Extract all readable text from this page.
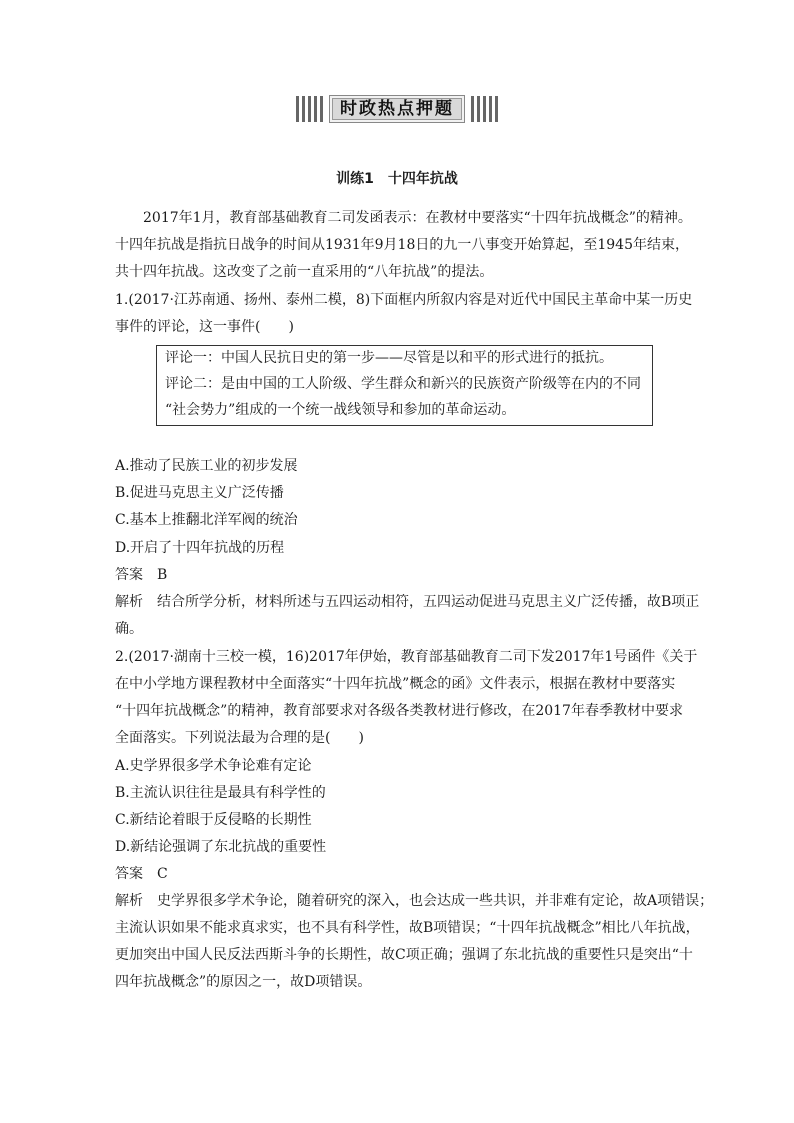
时政热点押题
训练1　十四年抗战
　　2017年1月，教育部基础教育二司发函表示：在教材中要落实“十四年抗战概念”的精神。
十四年抗战是指抗日战争的时间从1931年9月18日的九一八事变开始算起，至1945年结束，
共十四年抗战。这改变了之前一直采用的“八年抗战”的提法。
1.(2017·江苏南通、扬州、泰州二模，8)下面框内所叙内容是对近代中国民主革命中某一历史
事件的评论，这一事件(　　)
评论一：中国人民抗日史的第一步——尽管是以和平的形式进行的抵抗。
评论二：是由中国的工人阶级、学生群众和新兴的民族资产阶级等在内的不同
“社会势力”组成的一个统一战线领导和参加的革命运动。
A.推动了民族工业的初步发展
B.促进马克思主义广泛传播
C.基本上推翻北洋军阀的统治
D.开启了十四年抗战的历程
答案　B
解析　结合所学分析，材料所述与五四运动相符，五四运动促进马克思主义广泛传播，故B项正
确。
2.(2017·湖南十三校一模，16)2017年伊始，教育部基础教育二司下发2017年1号函件《关于
在中小学地方课程教材中全面落实“十四年抗战”概念的函》文件表示，根据在教材中要落实
“十四年抗战概念”的精神，教育部要求对各级各类教材进行修改，在2017年春季教材中要求
全面落实。下列说法最为合理的是(　　)
A.史学界很多学术争论难有定论
B.主流认识往往是最具有科学性的
C.新结论着眼于反侵略的长期性
D.新结论强调了东北抗战的重要性
答案　C
解析　史学界很多学术争论，随着研究的深入，也会达成一些共识，并非难有定论，故A项错误；
主流认识如果不能求真求实，也不具有科学性，故B项错误；“十四年抗战概念”相比八年抗战，
更加突出中国人民反法西斯斗争的长期性，故C项正确；强调了东北抗战的重要性只是突出“十
四年抗战概念”的原因之一，故D项错误。
